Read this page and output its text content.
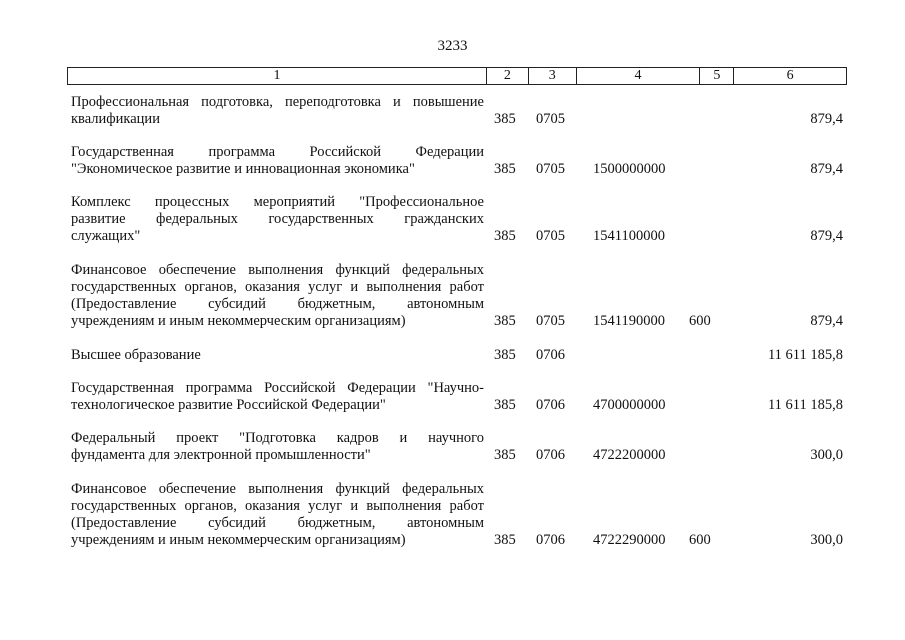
3233
1	2	3	4	5	6
Профессиональная подготовка, переподготовка и повышение
квалификации	385 0705	879,4
Государственная программа Российской Федерации
"Экономическое развитие и инновационная экономика"	385 0705 1500000000	879,4
Комплекс процессных мероприятий "Профессиональное
развитие федеральных государственных гражданских
служащих"	385 0705 1541100000	879,4
Финансовое обеспечение выполнения функций федеральных
государственных органов, оказания услуг и выполнения работ
(Предоставление субсидий бюджетным, автономным
учреждениям и иным некоммерческим организациям)	385 0705 1541190000 600	879,4
Высшее образование	385 0706	11 611 185,8
Государственная программа Российской Федерации "Научно-
технологическое развитие Российской Федерации"	385 0706 4700000000	11 611 185,8
Федеральный проект "Подготовка кадров и научного
фундамента для электронной промышленности"	385 0706 4722200000	300,0
Финансовое обеспечение выполнения функций федеральных
государственных органов, оказания услуг и выполнения работ
(Предоставление субсидий бюджетным, автономным
учреждениям и иным некоммерческим организациям)	385 0706 4722290000 600	300,0
